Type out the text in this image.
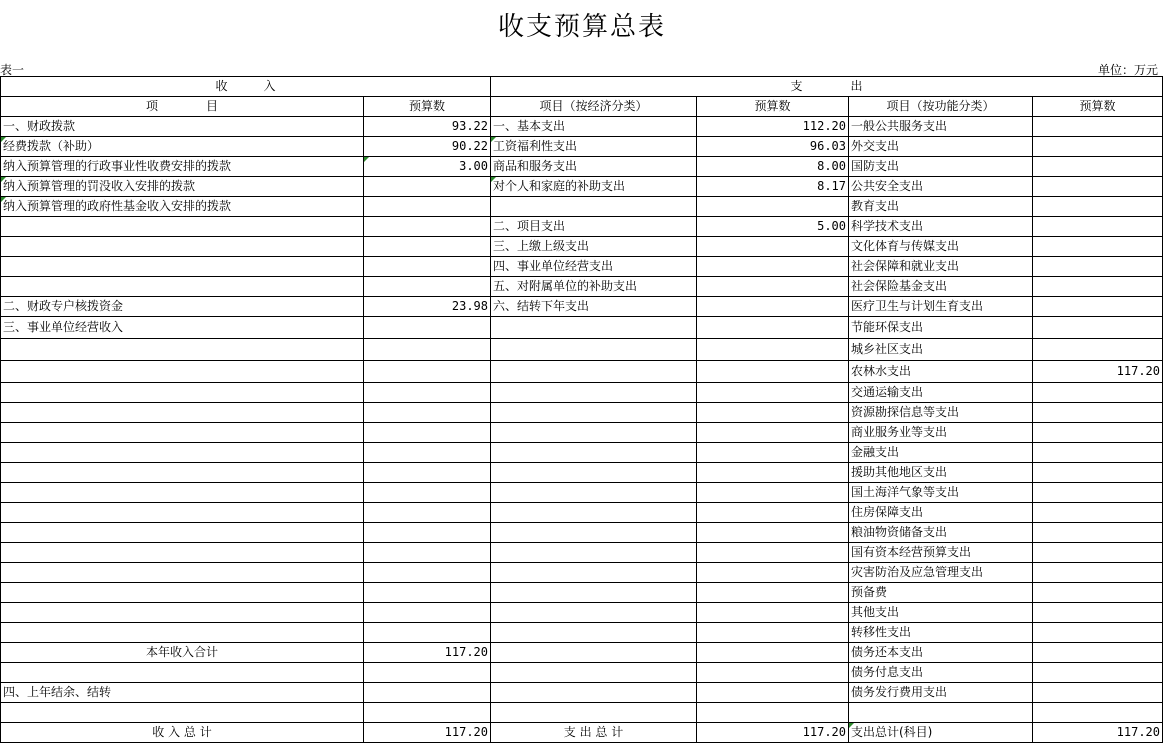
收支预算总表
表一	单位：万元
收　　　入		支　　　　出			
项　　　　目	预算数	项目（按经济分类）	预算数	项目（按功能分类）	预算数
一、财政拨款	93.22	一、基本支出	112.20	一般公共服务支出	
经费拨款（补助）	90.22	工资福利性支出	96.03	外交支出	
纳入预算管理的行政事业性收费安排的拨款	3.00	商品和服务支出	8.00	国防支出	
纳入预算管理的罚没收入安排的拨款		对个人和家庭的补助支出	8.17	公共安全支出	
纳入预算管理的政府性基金收入安排的拨款				教育支出	
		二、项目支出	5.00	科学技术支出	
		三、上缴上级支出		文化体育与传媒支出	
		四、事业单位经营支出		社会保障和就业支出	
		五、对附属单位的补助支出		社会保险基金支出	
二、财政专户核拨资金	23.98	六、结转下年支出		医疗卫生与计划生育支出	
三、事业单位经营收入				节能环保支出	
				城乡社区支出	
				农林水支出	117.20
				交通运输支出	
				资源勘探信息等支出	
				商业服务业等支出	
				金融支出	
				援助其他地区支出	
				国土海洋气象等支出	
				住房保障支出	
				粮油物资储备支出	
				国有资本经营预算支出	
				灾害防治及应急管理支出	
				预备费	
				其他支出	
				转移性支出	
本年收入合计	117.20			债务还本支出	
				债务付息支出	
四、上年结余、结转				债务发行费用支出	

收 入 总 计	117.20	支 出 总 计	117.20	支出总计(科目)	117.20
